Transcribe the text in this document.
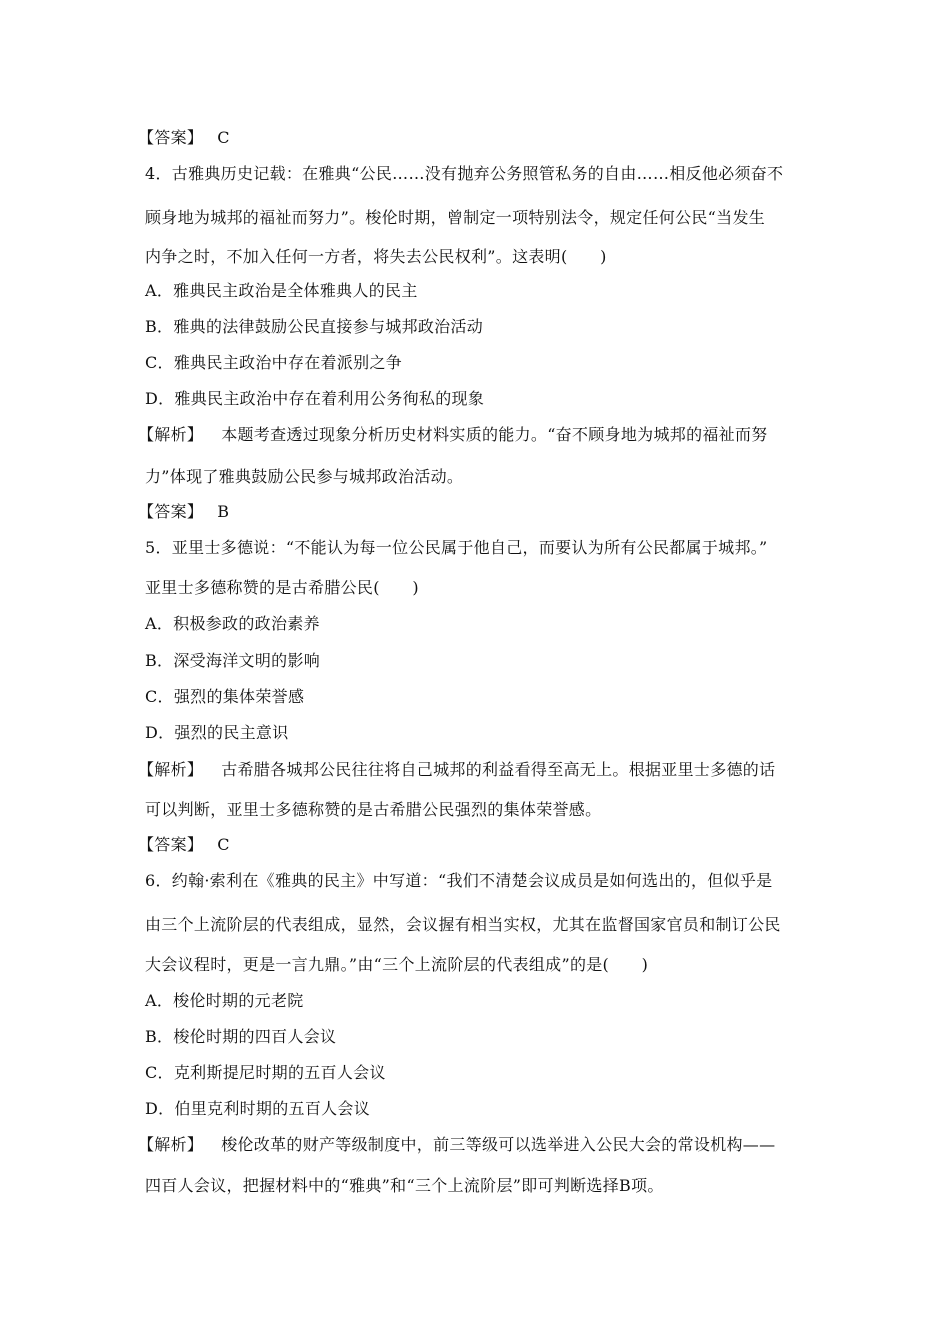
【答案】 C
4．古雅典历史记载：在雅典“公民……没有抛弃公务照管私务的自由……相反他必须奋不
顾身地为城邦的福祉而努力”。梭伦时期，曾制定一项特别法令，规定任何公民“当发生
内争之时，不加入任何一方者，将失去公民权利”。这表明(　　)
A．雅典民主政治是全体雅典人的民主
B．雅典的法律鼓励公民直接参与城邦政治活动
C．雅典民主政治中存在着派别之争
D．雅典民主政治中存在着利用公务徇私的现象
【解析】 本题考查透过现象分析历史材料实质的能力。“奋不顾身地为城邦的福祉而努
力”体现了雅典鼓励公民参与城邦政治活动。
【答案】 B
5．亚里士多德说：“不能认为每一位公民属于他自己，而要认为所有公民都属于城邦。”
亚里士多德称赞的是古希腊公民(　　)
A．积极参政的政治素养
B．深受海洋文明的影响
C．强烈的集体荣誉感
D．强烈的民主意识
【解析】 古希腊各城邦公民往往将自己城邦的利益看得至高无上。根据亚里士多德的话
可以判断，亚里士多德称赞的是古希腊公民强烈的集体荣誉感。
【答案】 C
6．约翰·索利在《雅典的民主》中写道：“我们不清楚会议成员是如何选出的，但似乎是
由三个上流阶层的代表组成，显然，会议握有相当实权，尤其在监督国家官员和制订公民
大会议程时，更是一言九鼎。”由“三个上流阶层的代表组成”的是(　　)
A．梭伦时期的元老院
B．梭伦时期的四百人会议
C．克利斯提尼时期的五百人会议
D．伯里克利时期的五百人会议
【解析】 梭伦改革的财产等级制度中，前三等级可以选举进入公民大会的常设机构——
四百人会议，把握材料中的“雅典”和“三个上流阶层”即可判断选择B项。
